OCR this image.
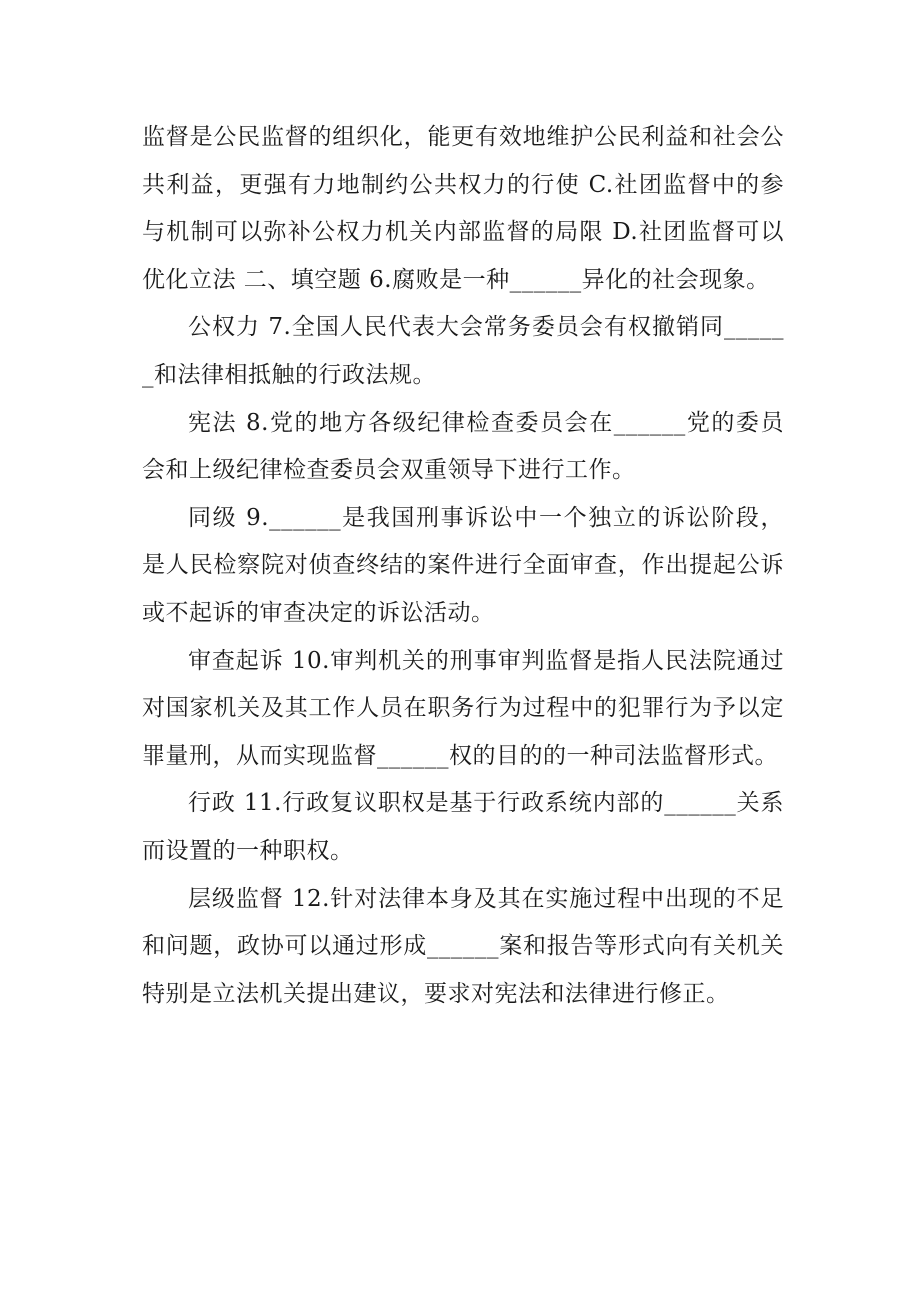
监督是公民监督的组织化，能更有效地维护公民利益和社会公共利益，更强有力地制约公共权力的行使 C.社团监督中的参与机制可以弥补公权力机关内部监督的局限 D.社团监督可以优化立法 二、填空题 6.腐败是一种______异化的社会现象。

公权力 7.全国人民代表大会常务委员会有权撤销同______和法律相抵触的行政法规。

宪法 8.党的地方各级纪律检查委员会在______党的委员会和上级纪律检查委员会双重领导下进行工作。

同级 9.______是我国刑事诉讼中一个独立的诉讼阶段，是人民检察院对侦查终结的案件进行全面审查，作出提起公诉或不起诉的审查决定的诉讼活动。

审查起诉 10.审判机关的刑事审判监督是指人民法院通过对国家机关及其工作人员在职务行为过程中的犯罪行为予以定罪量刑，从而实现监督______权的目的的一种司法监督形式。

行政 11.行政复议职权是基于行政系统内部的______关系而设置的一种职权。

层级监督 12.针对法律本身及其在实施过程中出现的不足和问题，政协可以通过形成______案和报告等形式向有关机关特别是立法机关提出建议，要求对宪法和法律进行修正。
